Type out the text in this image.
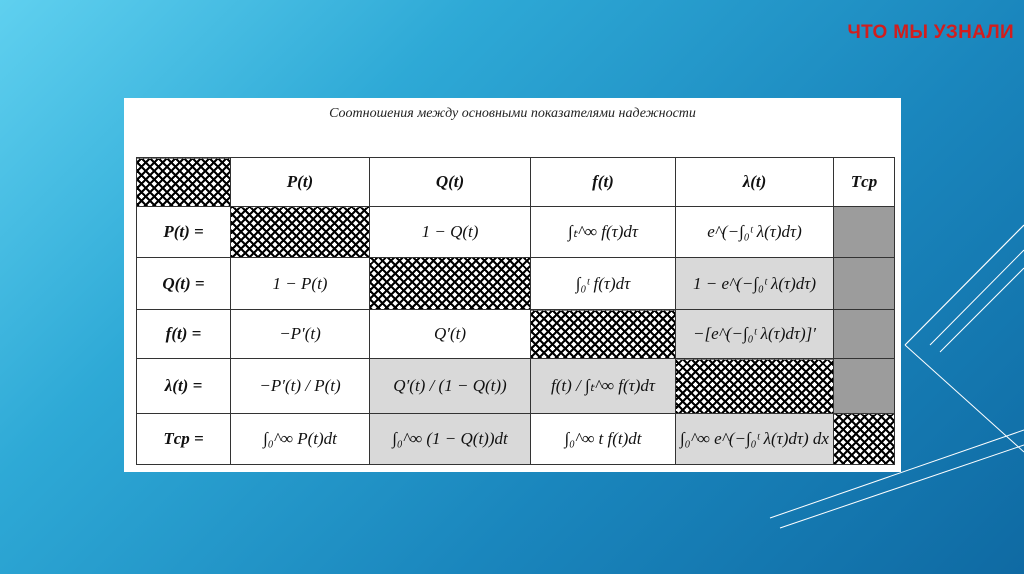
ЧТО МЫ УЗНАЛИ
Соотношения между основными показателями надежности
	P(t)	Q(t)	f(t)	λ(t)	Tср
P(t) =		1 − Q(t)	∫ₜ^∞ f(τ)dτ	e^(−∫₀ᵗ λ(τ)dτ)	
Q(t) =	1 − P(t)		∫₀ᵗ f(τ)dτ	1 − e^(−∫₀ᵗ λ(τ)dτ)	
f(t) =	−P′(t)	Q′(t)		−[e^(−∫₀ᵗ λ(τ)dτ)]′	
λ(t) =	−P′(t) / P(t)	Q′(t) / (1 − Q(t))	f(t) / ∫ₜ^∞ f(τ)dτ		
Tср =	∫₀^∞ P(t)dt	∫₀^∞ (1 − Q(t))dt	∫₀^∞ t f(t)dt	∫₀^∞ e^(−∫₀ᵗ λ(τ)dτ) dx	
